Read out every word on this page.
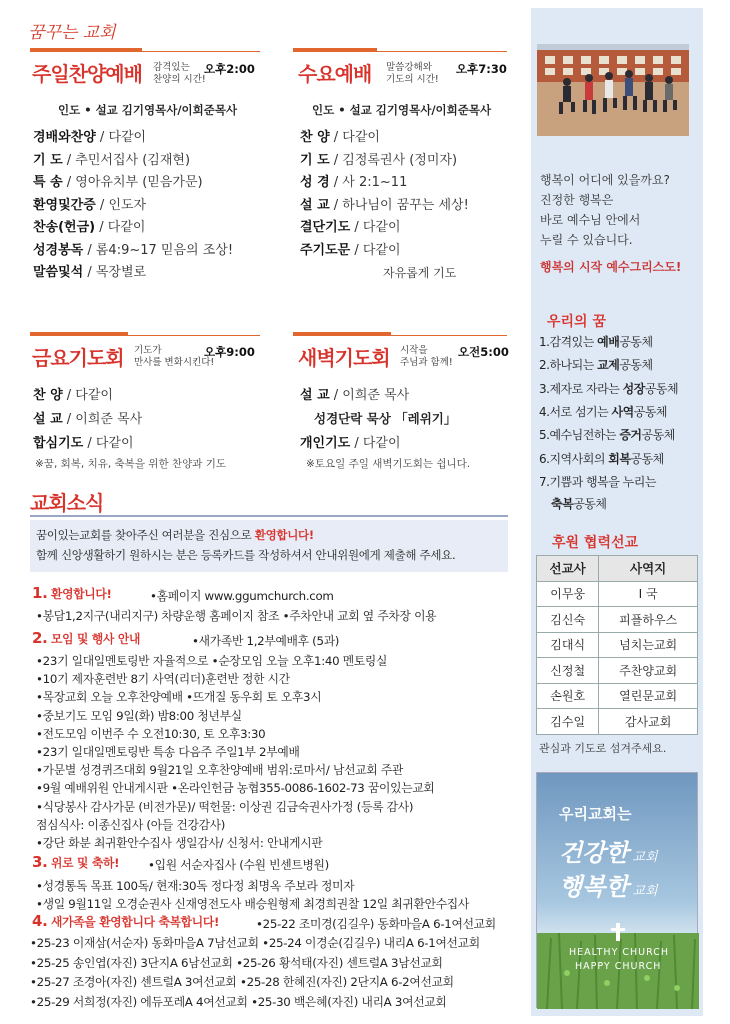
꿈꾸는 교회
주일찬양예배 감격있는
찬양의 시간!
오후2:00
인도 • 설교 김기영목사/이희준목사
경배와찬양 / 다같이
기 도 / 추민서집사 (김재현)
특 송 / 영아유치부 (믿음가문)
환영및간증 / 인도자
찬송(헌금) / 다같이
성경봉독 / 롬4:9~17 믿음의 조상!
말씀및석 / 목장별로
수요예배 말씀강해와
기도의 시간!
오후7:30
인도 • 설교 김기영목사/이희준목사
찬 양 / 다같이
기 도 / 김정록권사 (정미자)
성 경 / 사 2:1~11
설 교 / 하나님이 꿈꾸는 세상!
결단기도 / 다같이
주기도문 / 다같이
자유롭게 기도
금요기도회 기도가
만사를 변화시킨다!
오후9:00
찬 양 / 다같이
설 교 / 이희준 목사
합심기도 / 다같이
※꿈, 회복, 치유, 축복을 위한 찬양과 기도
새벽기도회 시작을
주님과 함께!
오전5:00
설 교 / 이희준 목사
성경단락 묵상 「레위기」
개인기도 / 다같이
※토요일 주일 새벽기도회는 쉽니다.
교회소식
꿈이있는교회를 찾아주신 여러분을 진심으로 환영합니다!
함께 신앙생활하기 원하시는 분은 등록카드를 작성하셔서 안내위원에게 제출해 주세요.
1. 환영합니다!	•홈페이지 www.ggumchurch.com
•봉담1,2지구(내리지구) 차량운행 홈페이지 참조 •주차안내 교회 옆 주차장 이용
2. 모임 및 행사 안내	•새가족반 1,2부예배후 (5과)
•23기 일대일멘토링반 자율적으로 •순장모임 오늘 오후1:40 멘토링실
•10기 제자훈련반 8기 사역(리더)훈련반 정한 시간
•목장교회 오늘 오후찬양예배 •뜨개질 동우회 토 오후3시
•중보기도 모임 9일(화) 밤8:00 청년부실
•전도모임 이번주 수 오전10:30, 토 오후3:30
•23기 일대일멘토링반 특송 다음주 주일1부 2부예배
•가문별 성경퀴즈대회 9월21일 오후찬양예배 범위:로마서/ 남선교회 주관
•9월 예배위원 안내게시판 •온라인헌금 농협355-0086-1602-73 꿈이있는교회
•식당봉사 감사가문 (비전가문)/ 떡헌물: 이상권 김금숙권사가정 (등록 감사)
점심식사: 이종신집사 (아들 건강감사)
•강단 화분 최귀환안수집사 생일감사/ 신청서: 안내게시판
3. 위로 및 축하! •입원 서순자집사 (수원 빈센트병원)
•성경통독 목표 100독/ 현재:30독 정다정 최명옥 주보라 정미자
•생일 9월11일 오경순권사 신재영전도사 배승원형제 최경희권찰 12일 최귀환안수집사
4. 새가족을 환영합니다 축복합니다!	•25-22 조미경(김길우) 동화마을A 6-1여선교회
•25-23 이재삼(서순자) 동화마을A 7남선교회 •25-24 이경순(김길우) 내리A 6-1여선교회
•25-25 송인엽(자진) 3단지A 6남선교회 •25-26 황석태(자진) 센트럴A 3남선교회
•25-27 조경아(자진) 센트럴A 3여선교회 •25-28 한혜진(자진) 2단지A 6-2여선교회
•25-29 서희정(자진) 에듀포레A 4여선교회 •25-30 백은혜(자진) 내리A 3여선교회
행복이 어디에 있을까요?
진정한 행복은
바로 예수님 안에서
누릴 수 있습니다.
행복의 시작 예수그리스도!
우리의 꿈
1.감격있는 예배공동체
2.하나되는 교제공동체
3.제자로 자라는 성장공동체
4.서로 섬기는 사역공동체
5.예수님전하는 증거공동체
6.지역사회의 회복공동체
7.기쁨과 행복을 누리는
축복공동체
후원 협력선교
선교사	사역지
이무웅	I 국
김신숙	피플하우스
김대식	넘치는교회
신정철	주찬양교회
손원호	열린문교회
김수일	감사교회
관심과 기도로 섬겨주세요.
우리교회는
건강한 교회
행복한 교회
HEALTHY CHURCH
HAPPY CHURCH
